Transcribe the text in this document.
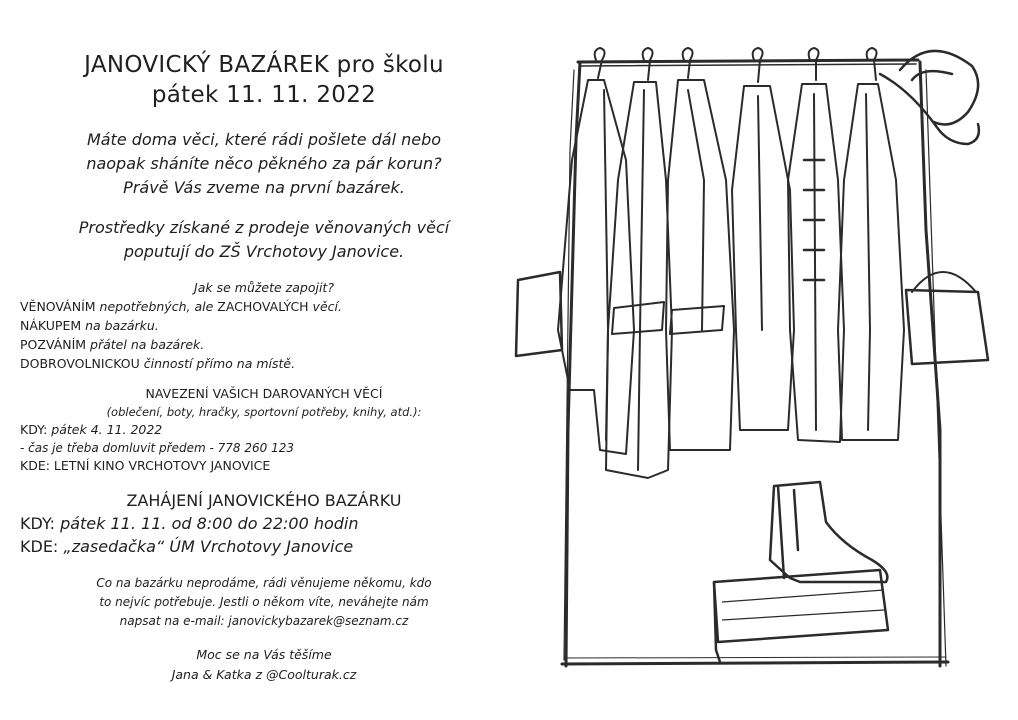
JANOVICKÝ BAZÁREK pro školu
pátek 11. 11. 2022
Máte doma věci, které rádi pošlete dál nebo
naopak sháníte něco pěkného za pár korun?
Právě Vás zveme na první bazárek.
Prostředky získané z prodeje věnovaných věcí
poputují do ZŠ Vrchotovy Janovice.
Jak se můžete zapojit?
VĚNOVÁNÍM nepotřebných, ale ZACHOVALÝCH věcí.
NÁKUPEM na bazárku.
POZVÁNÍM přátel na bazárek.
DOBROVOLNICKOU činností přímo na místě.
NAVEZENÍ VAŠICH DAROVANÝCH VĚCÍ
(oblečení, boty, hračky, sportovní potřeby, knihy, atd.):
KDY: pátek 4. 11. 2022
- čas je třeba domluvit předem - 778 260 123
KDE: LETNÍ KINO VRCHOTOVY JANOVICE
ZAHÁJENÍ JANOVICKÉHO BAZÁRKU
KDY: pátek 11. 11. od 8:00 do 22:00 hodin
KDE: „zasedačka“ ÚM Vrchotovy Janovice
Co na bazárku neprodáme, rádi věnujeme někomu, kdo
to nejvíc potřebuje. Jestli o někom víte, neváhejte nám
napsat na e-mail: janovickybazarek@seznam.cz
Moc se na Vás těšíme
Jana & Katka z @Coolturak.cz
